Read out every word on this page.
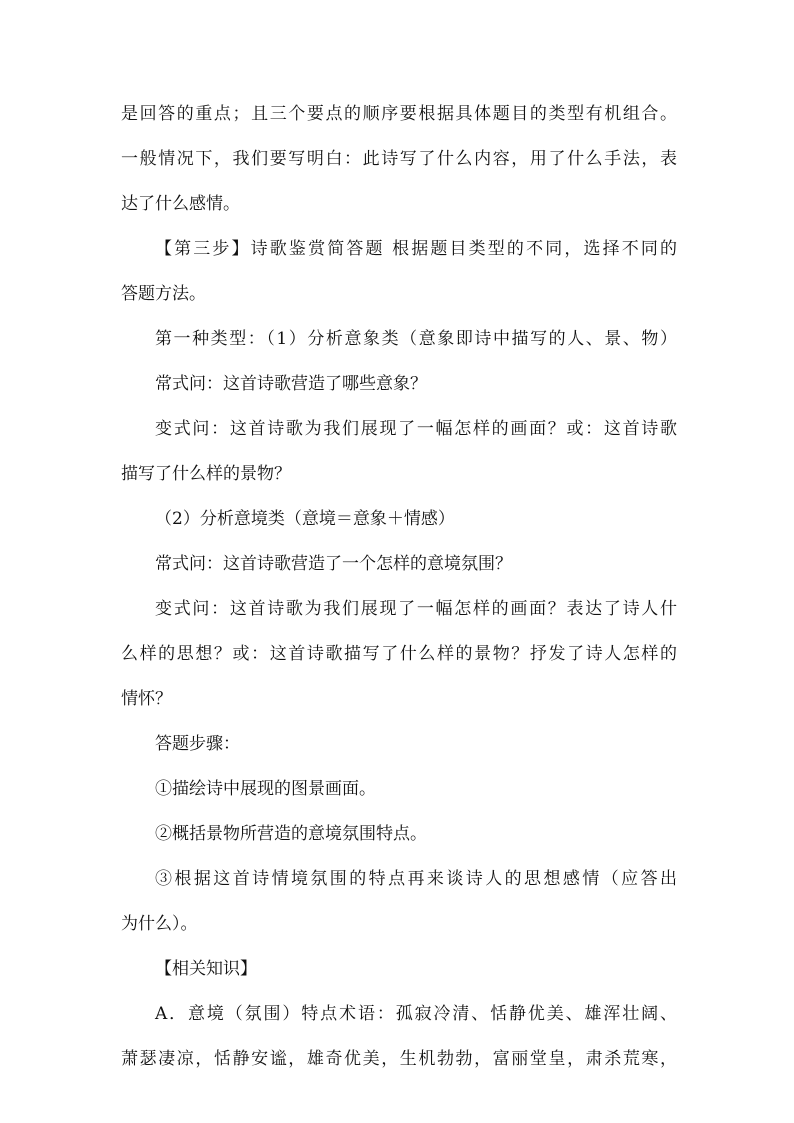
是回答的重点；且三个要点的顺序要根据具体题目的类型有机组合。
一般情况下，我们要写明白：此诗写了什么内容，用了什么手法，表
达了什么感情。
【第三步】诗歌鉴赏简答题 根据题目类型的不同，选择不同的
答题方法。
第一种类型：（1）分析意象类（意象即诗中描写的人、景、物）
常式问：这首诗歌营造了哪些意象？
变式问：这首诗歌为我们展现了一幅怎样的画面？或：这首诗歌
描写了什么样的景物？
（2）分析意境类（意境＝意象＋情感）
常式问：这首诗歌营造了一个怎样的意境氛围？
变式问：这首诗歌为我们展现了一幅怎样的画面？表达了诗人什
么样的思想？或：这首诗歌描写了什么样的景物？抒发了诗人怎样的
情怀？
答题步骤：
①描绘诗中展现的图景画面。
②概括景物所营造的意境氛围特点。
③根据这首诗情境氛围的特点再来谈诗人的思想感情（应答出
为什么）。
【相关知识】
A．意境（氛围）特点术语：孤寂冷清、恬静优美、雄浑壮阔、
萧瑟凄凉，恬静安谧，雄奇优美，生机勃勃，富丽堂皇，肃杀荒寒，
